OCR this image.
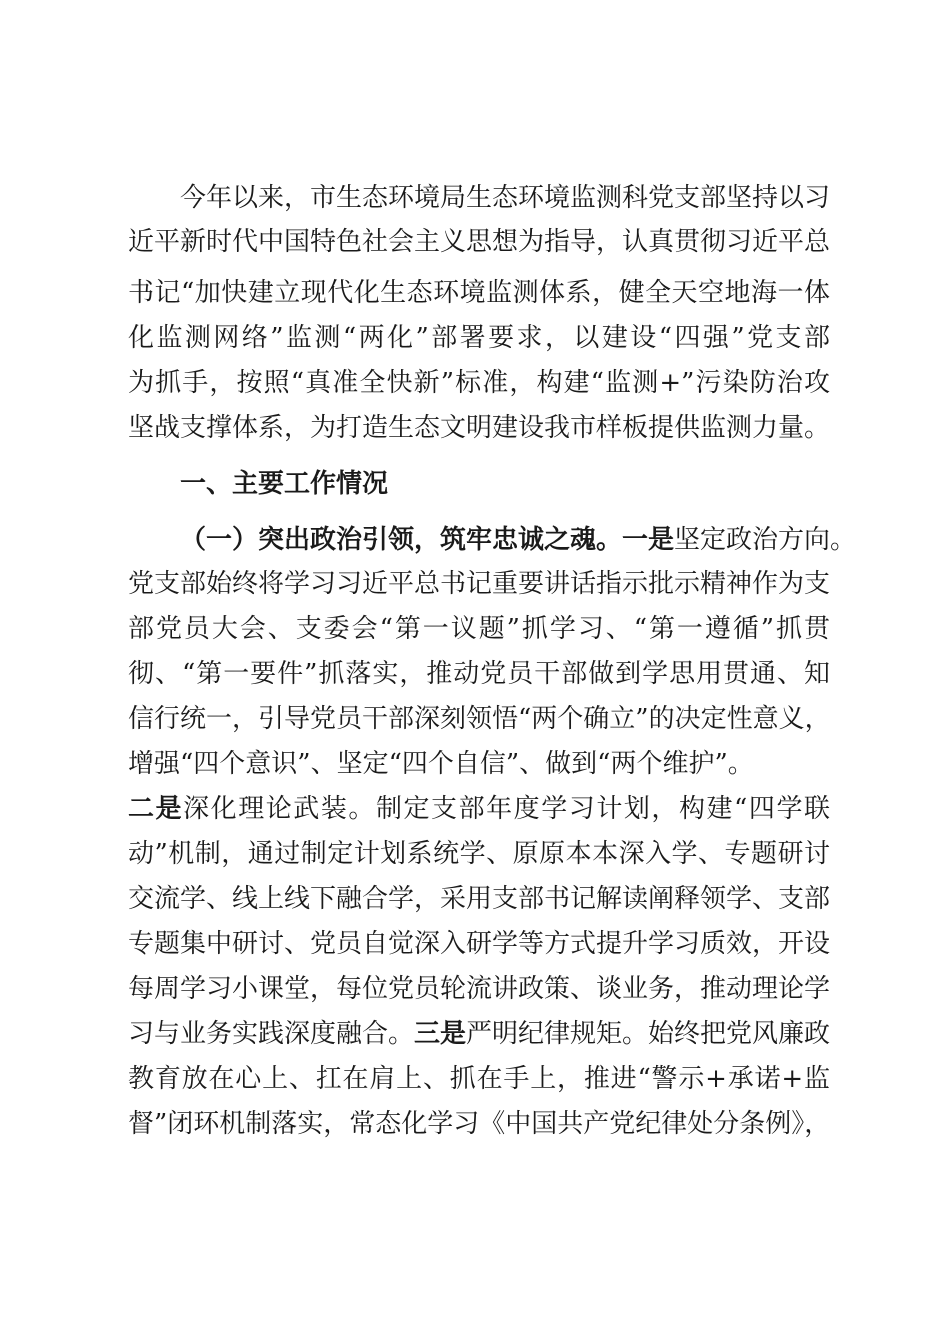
今年以来，市生态环境局生态环境监测科党支部坚持以习
近平新时代中国特色社会主义思想为指导，认真贯彻习近平总
书记“加快建立现代化生态环境监测体系，健全天空地海一体
化监测网络”监测“两化”部署要求，以建设“四强”党支部
为抓手，按照“真准全快新”标准，构建“监测+”污染防治攻
坚战支撑体系，为打造生态文明建设我市样板提供监测力量。
一、主要工作情况
（一）突出政治引领，筑牢忠诚之魂。一是坚定政治方向。
党支部始终将学习习近平总书记重要讲话指示批示精神作为支
部党员大会、支委会“第一议题”抓学习、“第一遵循”抓贯
彻、“第一要件”抓落实，推动党员干部做到学思用贯通、知
信行统一，引导党员干部深刻领悟“两个确立”的决定性意义，
增强“四个意识”、坚定“四个自信”、做到“两个维护”。
二是深化理论武装。制定支部年度学习计划，构建“四学联
动”机制，通过制定计划系统学、原原本本深入学、专题研讨
交流学、线上线下融合学，采用支部书记解读阐释领学、支部
专题集中研讨、党员自觉深入研学等方式提升学习质效，开设
每周学习小课堂，每位党员轮流讲政策、谈业务，推动理论学
习与业务实践深度融合。三是严明纪律规矩。始终把党风廉政
教育放在心上、扛在肩上、抓在手上，推进“警示+承诺+监
督”闭环机制落实，常态化学习《中国共产党纪律处分条例》，
